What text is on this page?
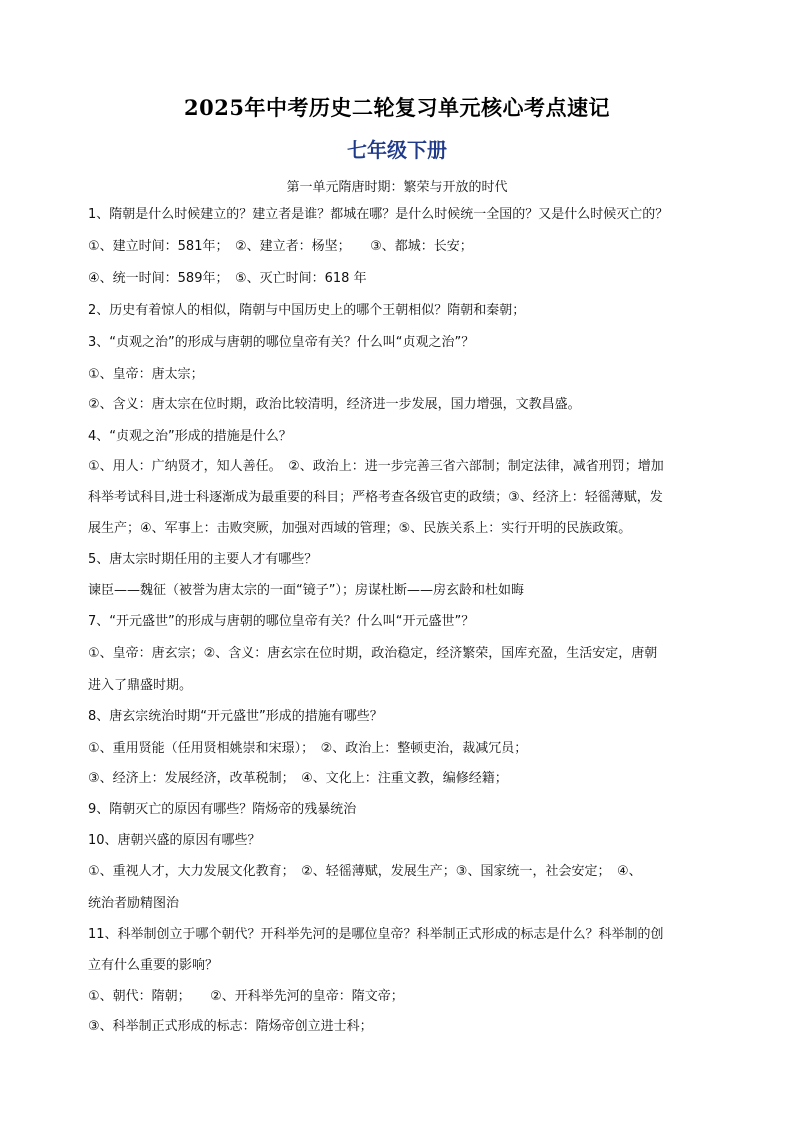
2025年中考历史二轮复习单元核心考点速记
七年级下册
第一单元隋唐时期：繁荣与开放的时代
1、隋朝是什么时候建立的？建立者是谁？都城在哪？是什么时候统一全国的？又是什么时候灭亡的？
①、建立时间：581年；　②、建立者：杨坚；　　③、都城：长安；
④、统一时间：589年；　⑤、灭亡时间：618 年
2、历史有着惊人的相似，隋朝与中国历史上的哪个王朝相似？隋朝和秦朝；
3、“贞观之治”的形成与唐朝的哪位皇帝有关？什么叫“贞观之治”？
①、皇帝：唐太宗；
②、含义：唐太宗在位时期，政治比较清明，经济进一步发展，国力增强，文教昌盛。
4、“贞观之治”形成的措施是什么？
①、用人：广纳贤才，知人善任。　②、政治上：进一步完善三省六部制；制定法律，减省刑罚；增加
科举考试科目,进士科逐渐成为最重要的科目；严格考查各级官吏的政绩；③、经济上：轻徭薄赋，发
展生产；④、军事上：击败突厥，加强对西域的管理；⑤、民族关系上：实行开明的民族政策。
5、唐太宗时期任用的主要人才有哪些？
谏臣——魏征（被誉为唐太宗的一面“镜子”）；房谋杜断——房玄龄和杜如晦
7、“开元盛世”的形成与唐朝的哪位皇帝有关？什么叫“开元盛世”？
①、皇帝：唐玄宗；②、含义：唐玄宗在位时期，政治稳定，经济繁荣，国库充盈，生活安定，唐朝
进入了鼎盛时期。
8、唐玄宗统治时期“开元盛世”形成的措施有哪些？
①、重用贤能（任用贤相姚崇和宋璟）；　②、政治上：整顿吏治，裁减冗员；
③、经济上：发展经济，改革税制；　④、文化上：注重文教，编修经籍；
9、隋朝灭亡的原因有哪些？隋炀帝的残暴统治
10、唐朝兴盛的原因有哪些？
①、重视人才，大力发展文化教育；　②、轻徭薄赋，发展生产；③、国家统一，社会安定；　④、
统治者励精图治
11、科举制创立于哪个朝代？开科举先河的是哪位皇帝？科举制正式形成的标志是什么？科举制的创
立有什么重要的影响？
①、朝代：隋朝；　　②、开科举先河的皇帝：隋文帝；
③、科举制正式形成的标志：隋炀帝创立进士科；
